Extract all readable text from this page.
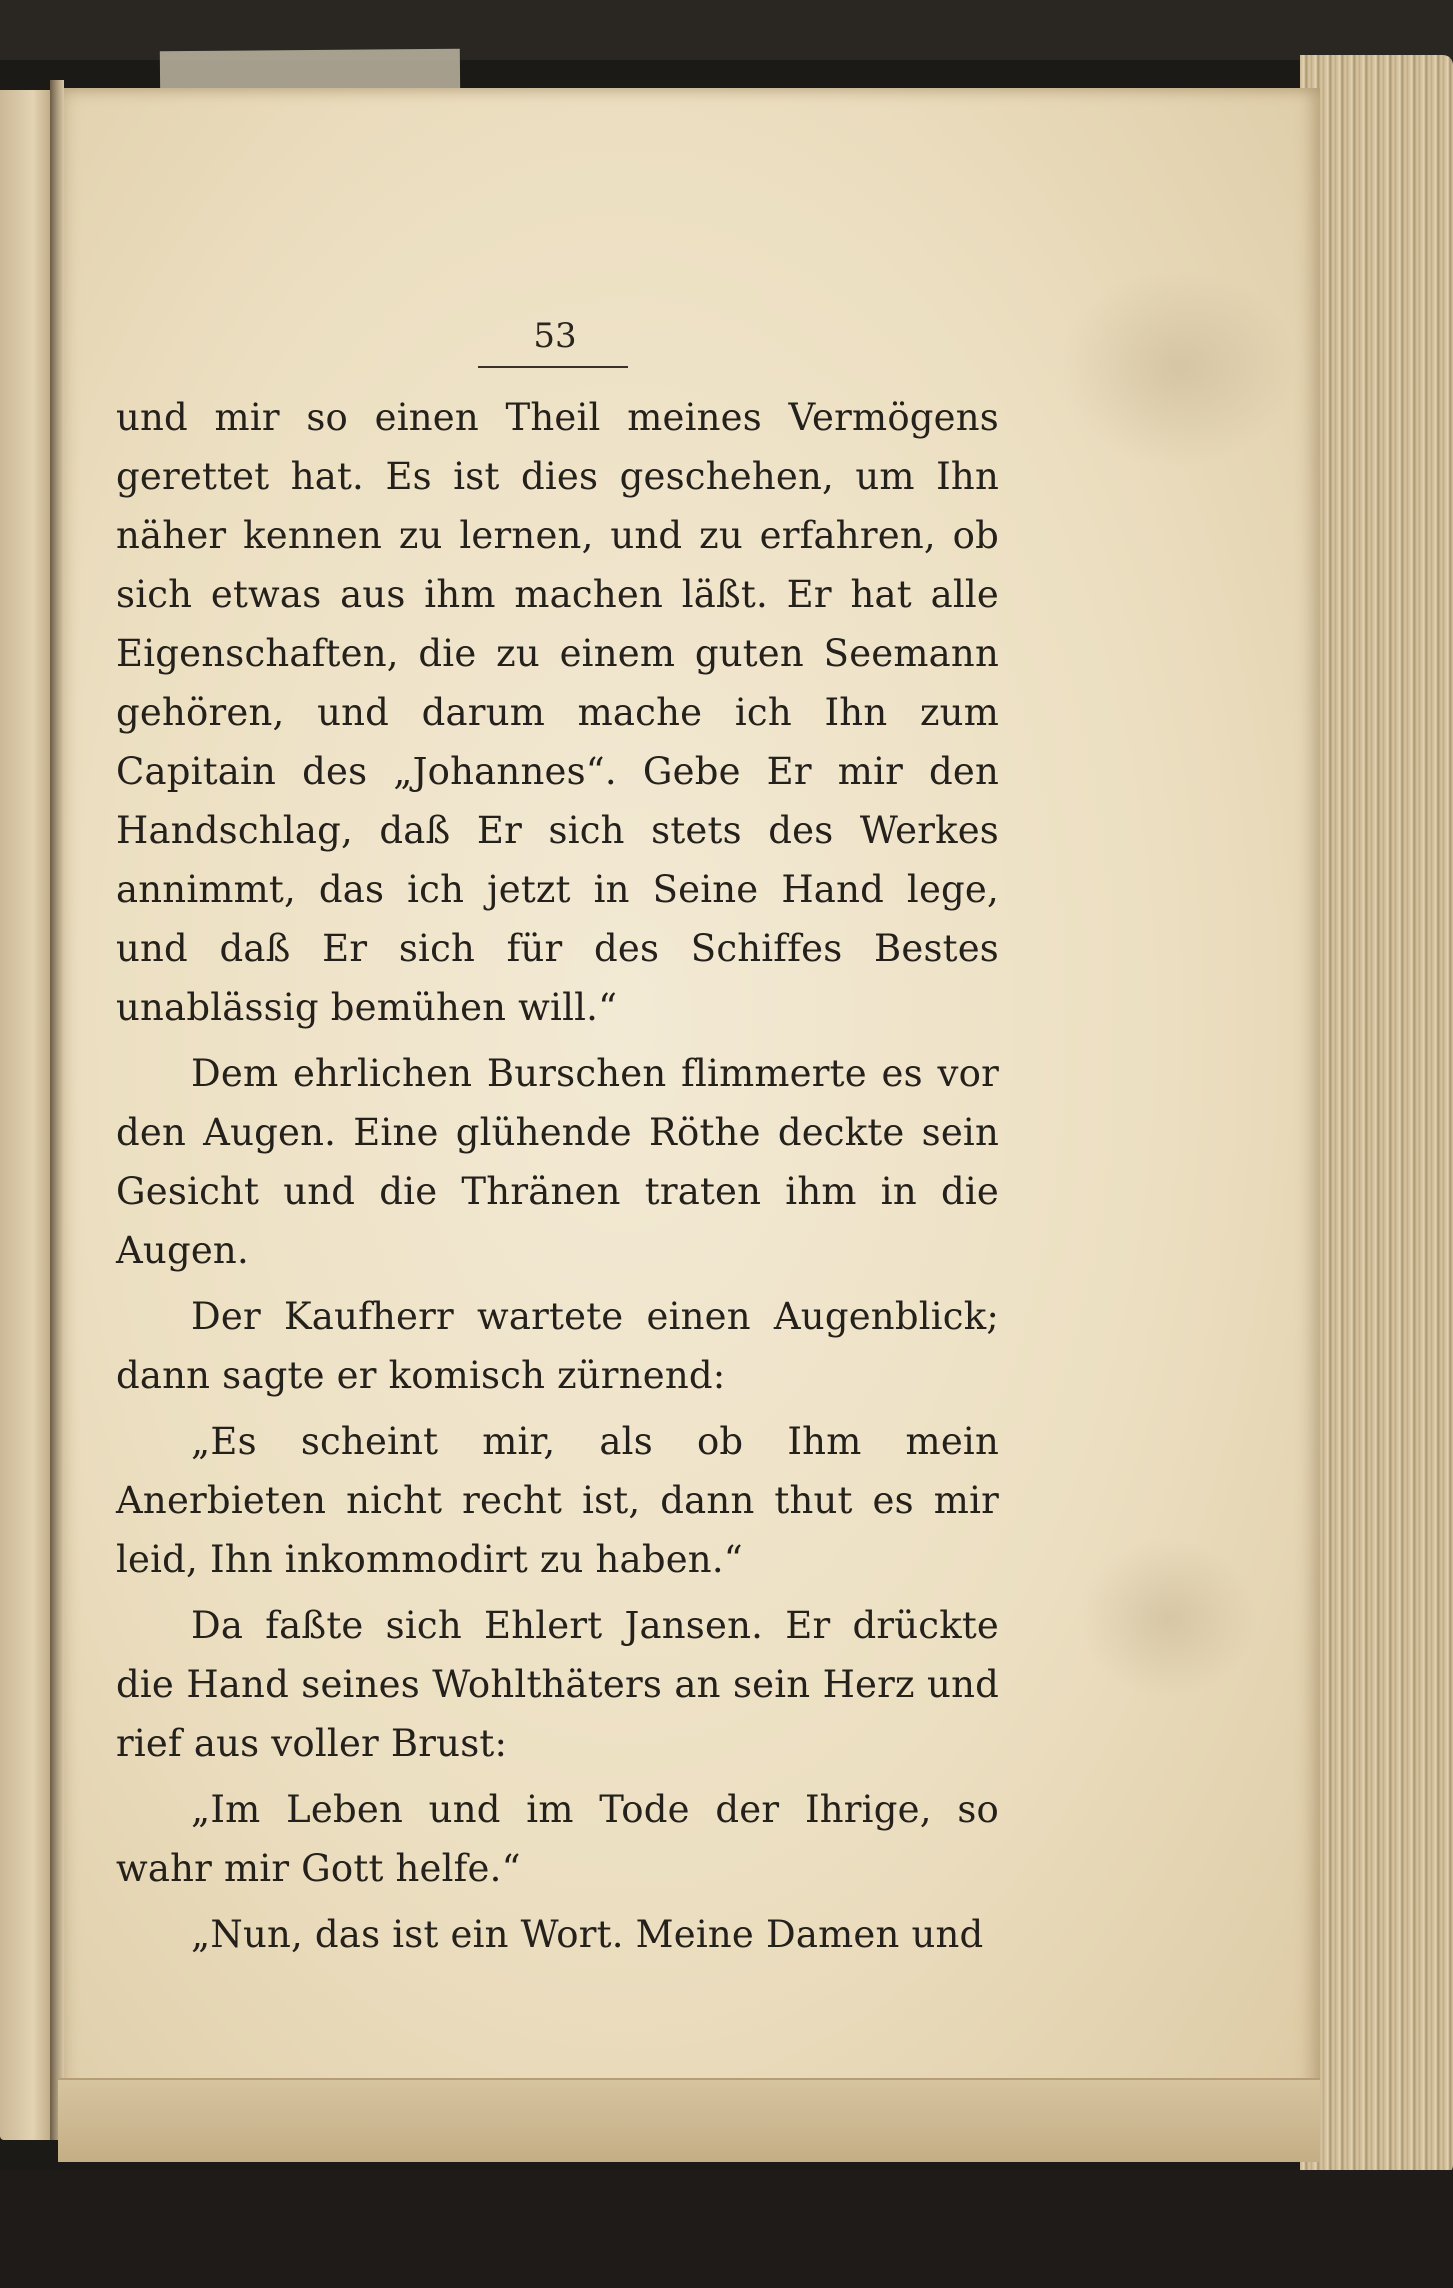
53

und mir so einen Theil meines Vermögens gerettet hat. Es ist dies geschehen, um Ihn näher kennen zu lernen, und zu erfahren, ob sich etwas aus ihm machen läßt. Er hat alle Eigenschaften, die zu einem guten Seemann gehören, und darum mache ich Ihn zum Capitain des „Johannes“. Gebe Er mir den Handschlag, daß Er sich stets des Werkes annimmt, das ich jetzt in Seine Hand lege, und daß Er sich für des Schiffes Bestes unablässig bemühen will.“

Dem ehrlichen Burschen flimmerte es vor den Augen. Eine glühende Röthe deckte sein Gesicht und die Thränen traten ihm in die Augen.

Der Kaufherr wartete einen Augenblick; dann sagte er komisch zürnend:

„Es scheint mir, als ob Ihm mein Anerbieten nicht recht ist, dann thut es mir leid, Ihn inkommodirt zu haben.“

Da faßte sich Ehlert Jansen. Er drückte die Hand seines Wohlthäters an sein Herz und rief aus voller Brust:

„Im Leben und im Tode der Ihrige, so wahr mir Gott helfe.“

„Nun, das ist ein Wort. Meine Damen und
